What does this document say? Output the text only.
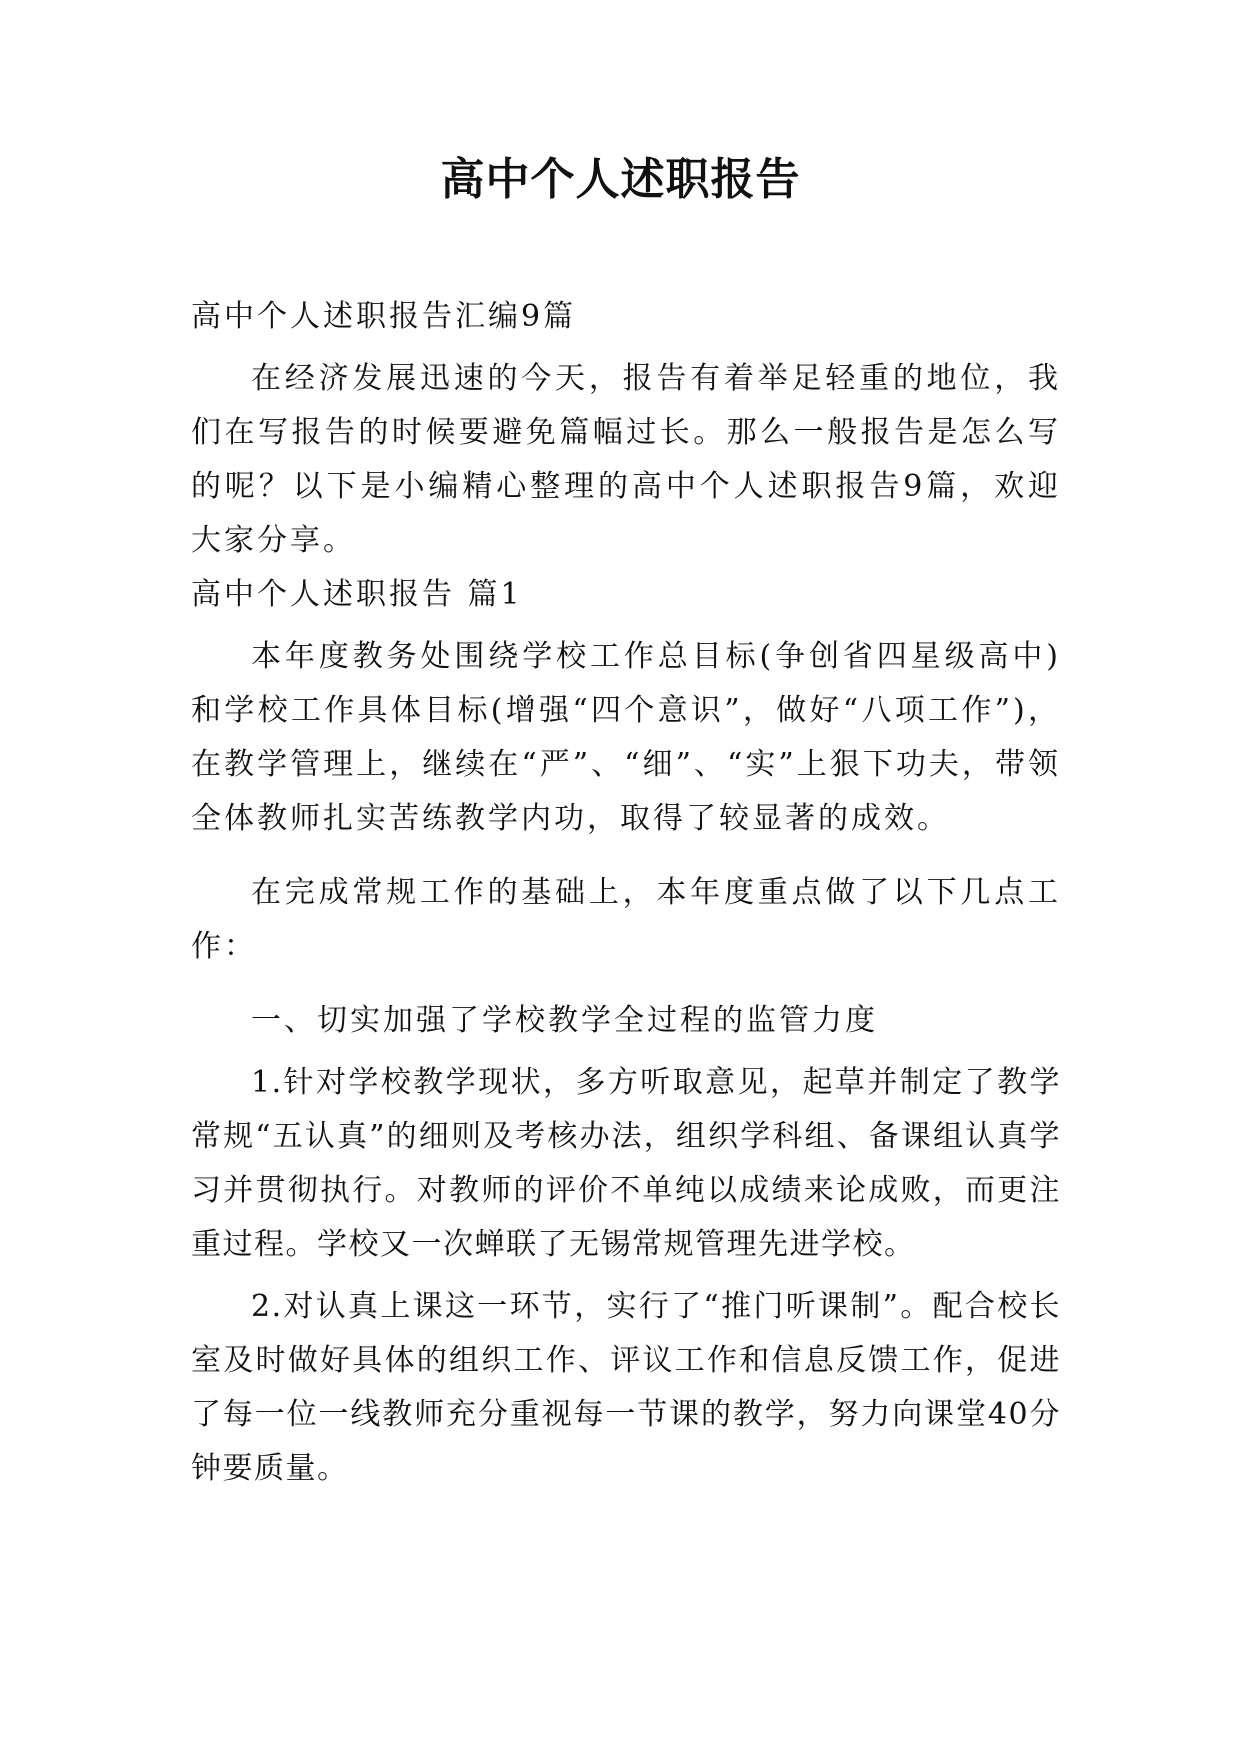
高中个人述职报告

高中个人述职报告汇编9篇

在经济发展迅速的今天，报告有着举足轻重的地位，我们在写报告的时候要避免篇幅过长。那么一般报告是怎么写的呢？以下是小编精心整理的高中个人述职报告9篇，欢迎大家分享。

高中个人述职报告 篇1

本年度教务处围绕学校工作总目标(争创省四星级高中)和学校工作具体目标(增强“四个意识”，做好“八项工作”)，在教学管理上，继续在“严”、“细”、“实”上狠下功夫，带领全体教师扎实苦练教学内功，取得了较显著的成效。

在完成常规工作的基础上，本年度重点做了以下几点工作：

一、切实加强了学校教学全过程的监管力度

1.针对学校教学现状，多方听取意见，起草并制定了教学常规“五认真”的细则及考核办法，组织学科组、备课组认真学习并贯彻执行。对教师的评价不单纯以成绩来论成败，而更注重过程。学校又一次蝉联了无锡常规管理先进学校。

2.对认真上课这一环节，实行了“推门听课制”。配合校长室及时做好具体的组织工作、评议工作和信息反馈工作，促进了每一位一线教师充分重视每一节课的教学，努力向课堂40分钟要质量。
